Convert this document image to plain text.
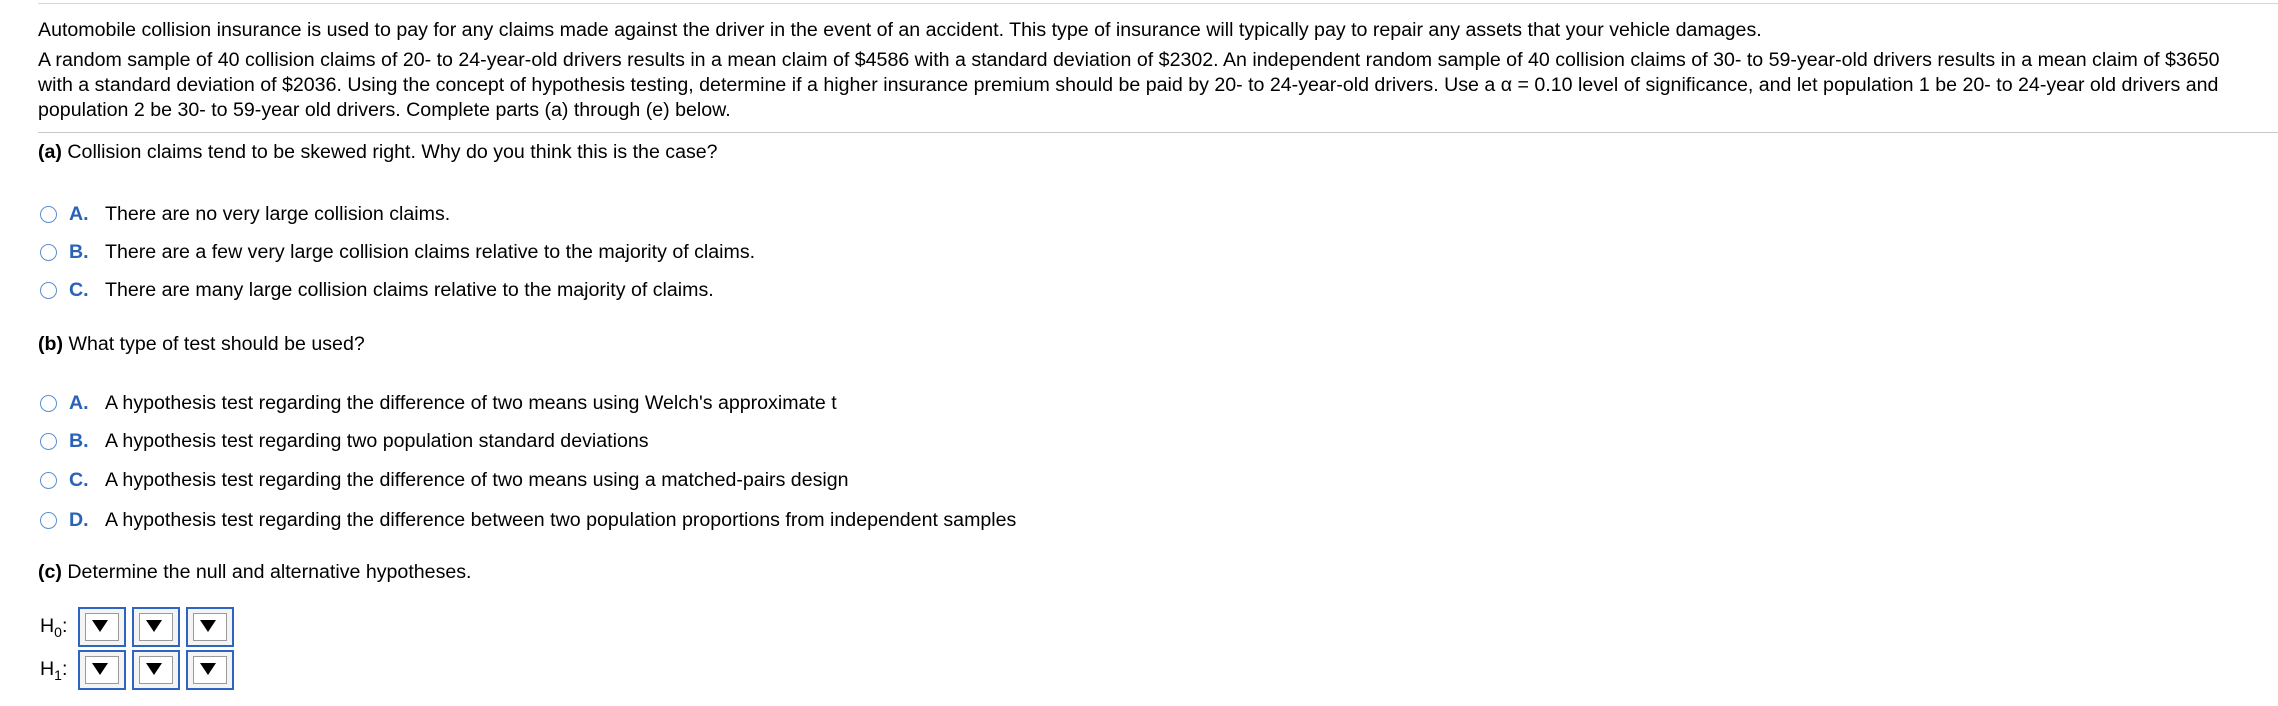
Automobile collision insurance is used to pay for any claims made against the driver in the event of an accident. This type of insurance will typically pay to repair any assets that your vehicle damages.

A random sample of 40 collision claims of 20- to 24-year-old drivers results in a mean claim of $4586 with a standard deviation of $2302. An independent random sample of 40 collision claims of 30- to 59-year-old drivers results in a mean claim of $3650 with a standard deviation of $2036. Using the concept of hypothesis testing, determine if a higher insurance premium should be paid by 20- to 24-year-old drivers. Use a α = 0.10 level of significance, and let population 1 be 20- to 24-year old drivers and population 2 be 30- to 59-year old drivers. Complete parts (a) through (e) below.

(a) Collision claims tend to be skewed right. Why do you think this is the case?
A. There are no very large collision claims.
B. There are a few very large collision claims relative to the majority of claims.
C. There are many large collision claims relative to the majority of claims.
(b) What type of test should be used?
A. A hypothesis test regarding the difference of two means using Welch's approximate t
B. A hypothesis test regarding two population standard deviations
C. A hypothesis test regarding the difference of two means using a matched-pairs design
D. A hypothesis test regarding the difference between two population proportions from independent samples
(c) Determine the null and alternative hypotheses.
$H_0$:
$H_1$:
